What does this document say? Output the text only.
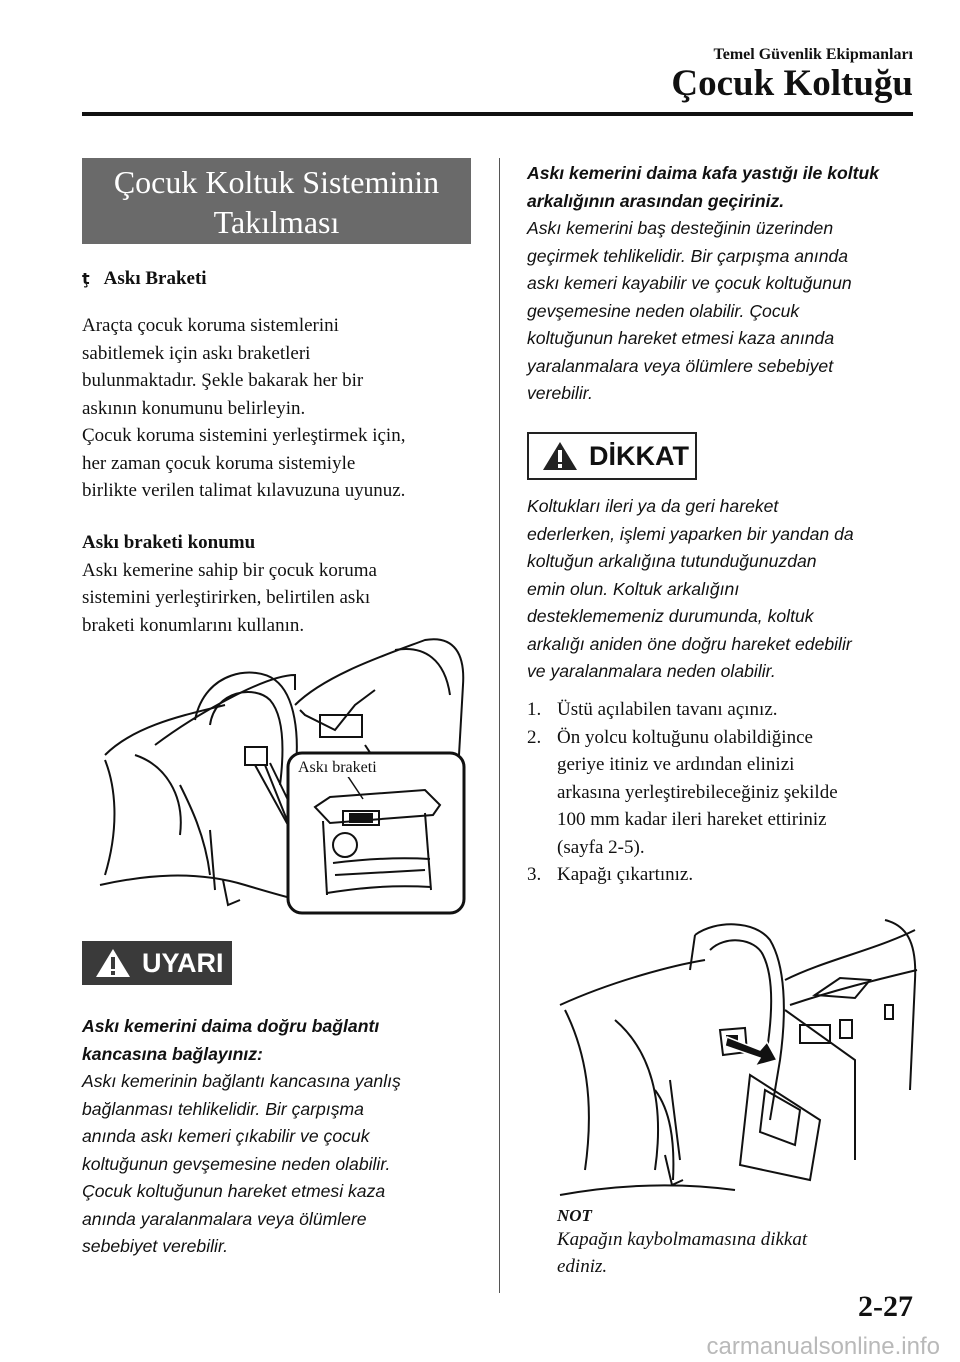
Temel Güvenlik Ekipmanları
Çocuk Koltuğu
Çocuk Koltuk Sisteminin
Takılması
ţ Askı Braketi
Araçta çocuk koruma sistemlerini
sabitlemek için askı braketleri
bulunmaktadır. Şekle bakarak her bir
askının konumunu belirleyin.
Çocuk koruma sistemini yerleştirmek için,
her zaman çocuk koruma sistemiyle
birlikte verilen talimat kılavuzuna uyunuz.
Askı braketi konumu
Askı kemerine sahip bir çocuk koruma
sistemini yerleştirirken, belirtilen askı
braketi konumlarını kullanın.
Askı braketi
UYARI
Askı kemerini daima doğru bağlantı
kancasına bağlayınız:
Askı kemerinin bağlantı kancasına yanlış
bağlanması tehlikelidir. Bir çarpışma
anında askı kemeri çıkabilir ve çocuk
koltuğunun gevşemesine neden olabilir.
Çocuk koltuğunun hareket etmesi kaza
anında yaralanmalara veya ölümlere
sebebiyet verebilir.
Askı kemerini daima kafa yastığı ile koltuk
arkalığının arasından geçiriniz.
Askı kemerini baş desteğinin üzerinden
geçirmek tehlikelidir. Bir çarpışma anında
askı kemeri kayabilir ve çocuk koltuğunun
gevşemesine neden olabilir. Çocuk
koltuğunun hareket etmesi kaza anında
yaralanmalara veya ölümlere sebebiyet
verebilir.
DİKKAT
Koltukları ileri ya da geri hareket
ederlerken, işlemi yaparken bir yandan da
koltuğun arkalığına tutunduğunuzdan
emin olun. Koltuk arkalığını
desteklememeniz durumunda, koltuk
arkalığı aniden öne doğru hareket edebilir
ve yaralanmalara neden olabilir.
1. Üstü açılabilen tavanı açınız.
2. Ön yolcu koltuğunu olabildiğince
geriye itiniz ve ardından elinizi
arkasına yerleştirebileceğiniz şekilde
100 mm kadar ileri hareket ettiriniz
(sayfa 2-5).
3. Kapağı çıkartınız.
NOT
Kapağın kaybolmamasına dikkat
ediniz.
2-27
carmanualsonline.info
